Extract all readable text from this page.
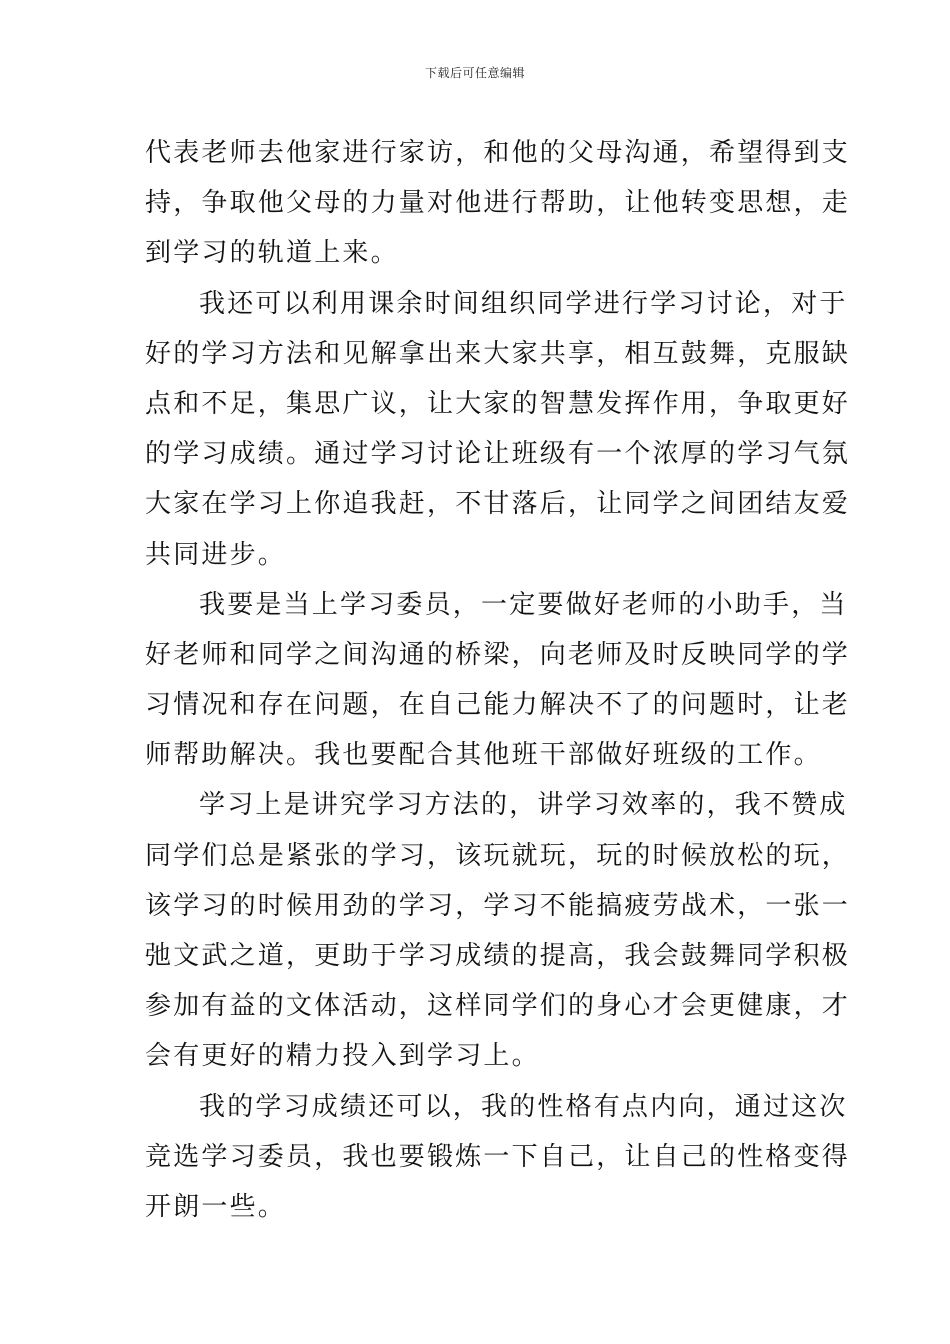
下载后可任意编辑
代表老师去他家进行家访，和他的父母沟通，希望得到支
持，争取他父母的力量对他进行帮助，让他转变思想，走
到学习的轨道上来。
我还可以利用课余时间组织同学进行学习讨论，对于
好的学习方法和见解拿出来大家共享，相互鼓舞，克服缺
点和不足，集思广议，让大家的智慧发挥作用，争取更好
的学习成绩。通过学习讨论让班级有一个浓厚的学习气氛
大家在学习上你追我赶，不甘落后，让同学之间团结友爱
共同进步。
我要是当上学习委员，一定要做好老师的小助手，当
好老师和同学之间沟通的桥梁，向老师及时反映同学的学
习情况和存在问题，在自己能力解决不了的问题时，让老
师帮助解决。我也要配合其他班干部做好班级的工作。
学习上是讲究学习方法的，讲学习效率的，我不赞成
同学们总是紧张的学习，该玩就玩，玩的时候放松的玩，
该学习的时候用劲的学习，学习不能搞疲劳战术，一张一
弛文武之道，更助于学习成绩的提高，我会鼓舞同学积极
参加有益的文体活动，这样同学们的身心才会更健康，才
会有更好的精力投入到学习上。
我的学习成绩还可以，我的性格有点内向，通过这次
竞选学习委员，我也要锻炼一下自己，让自己的性格变得
开朗一些。
